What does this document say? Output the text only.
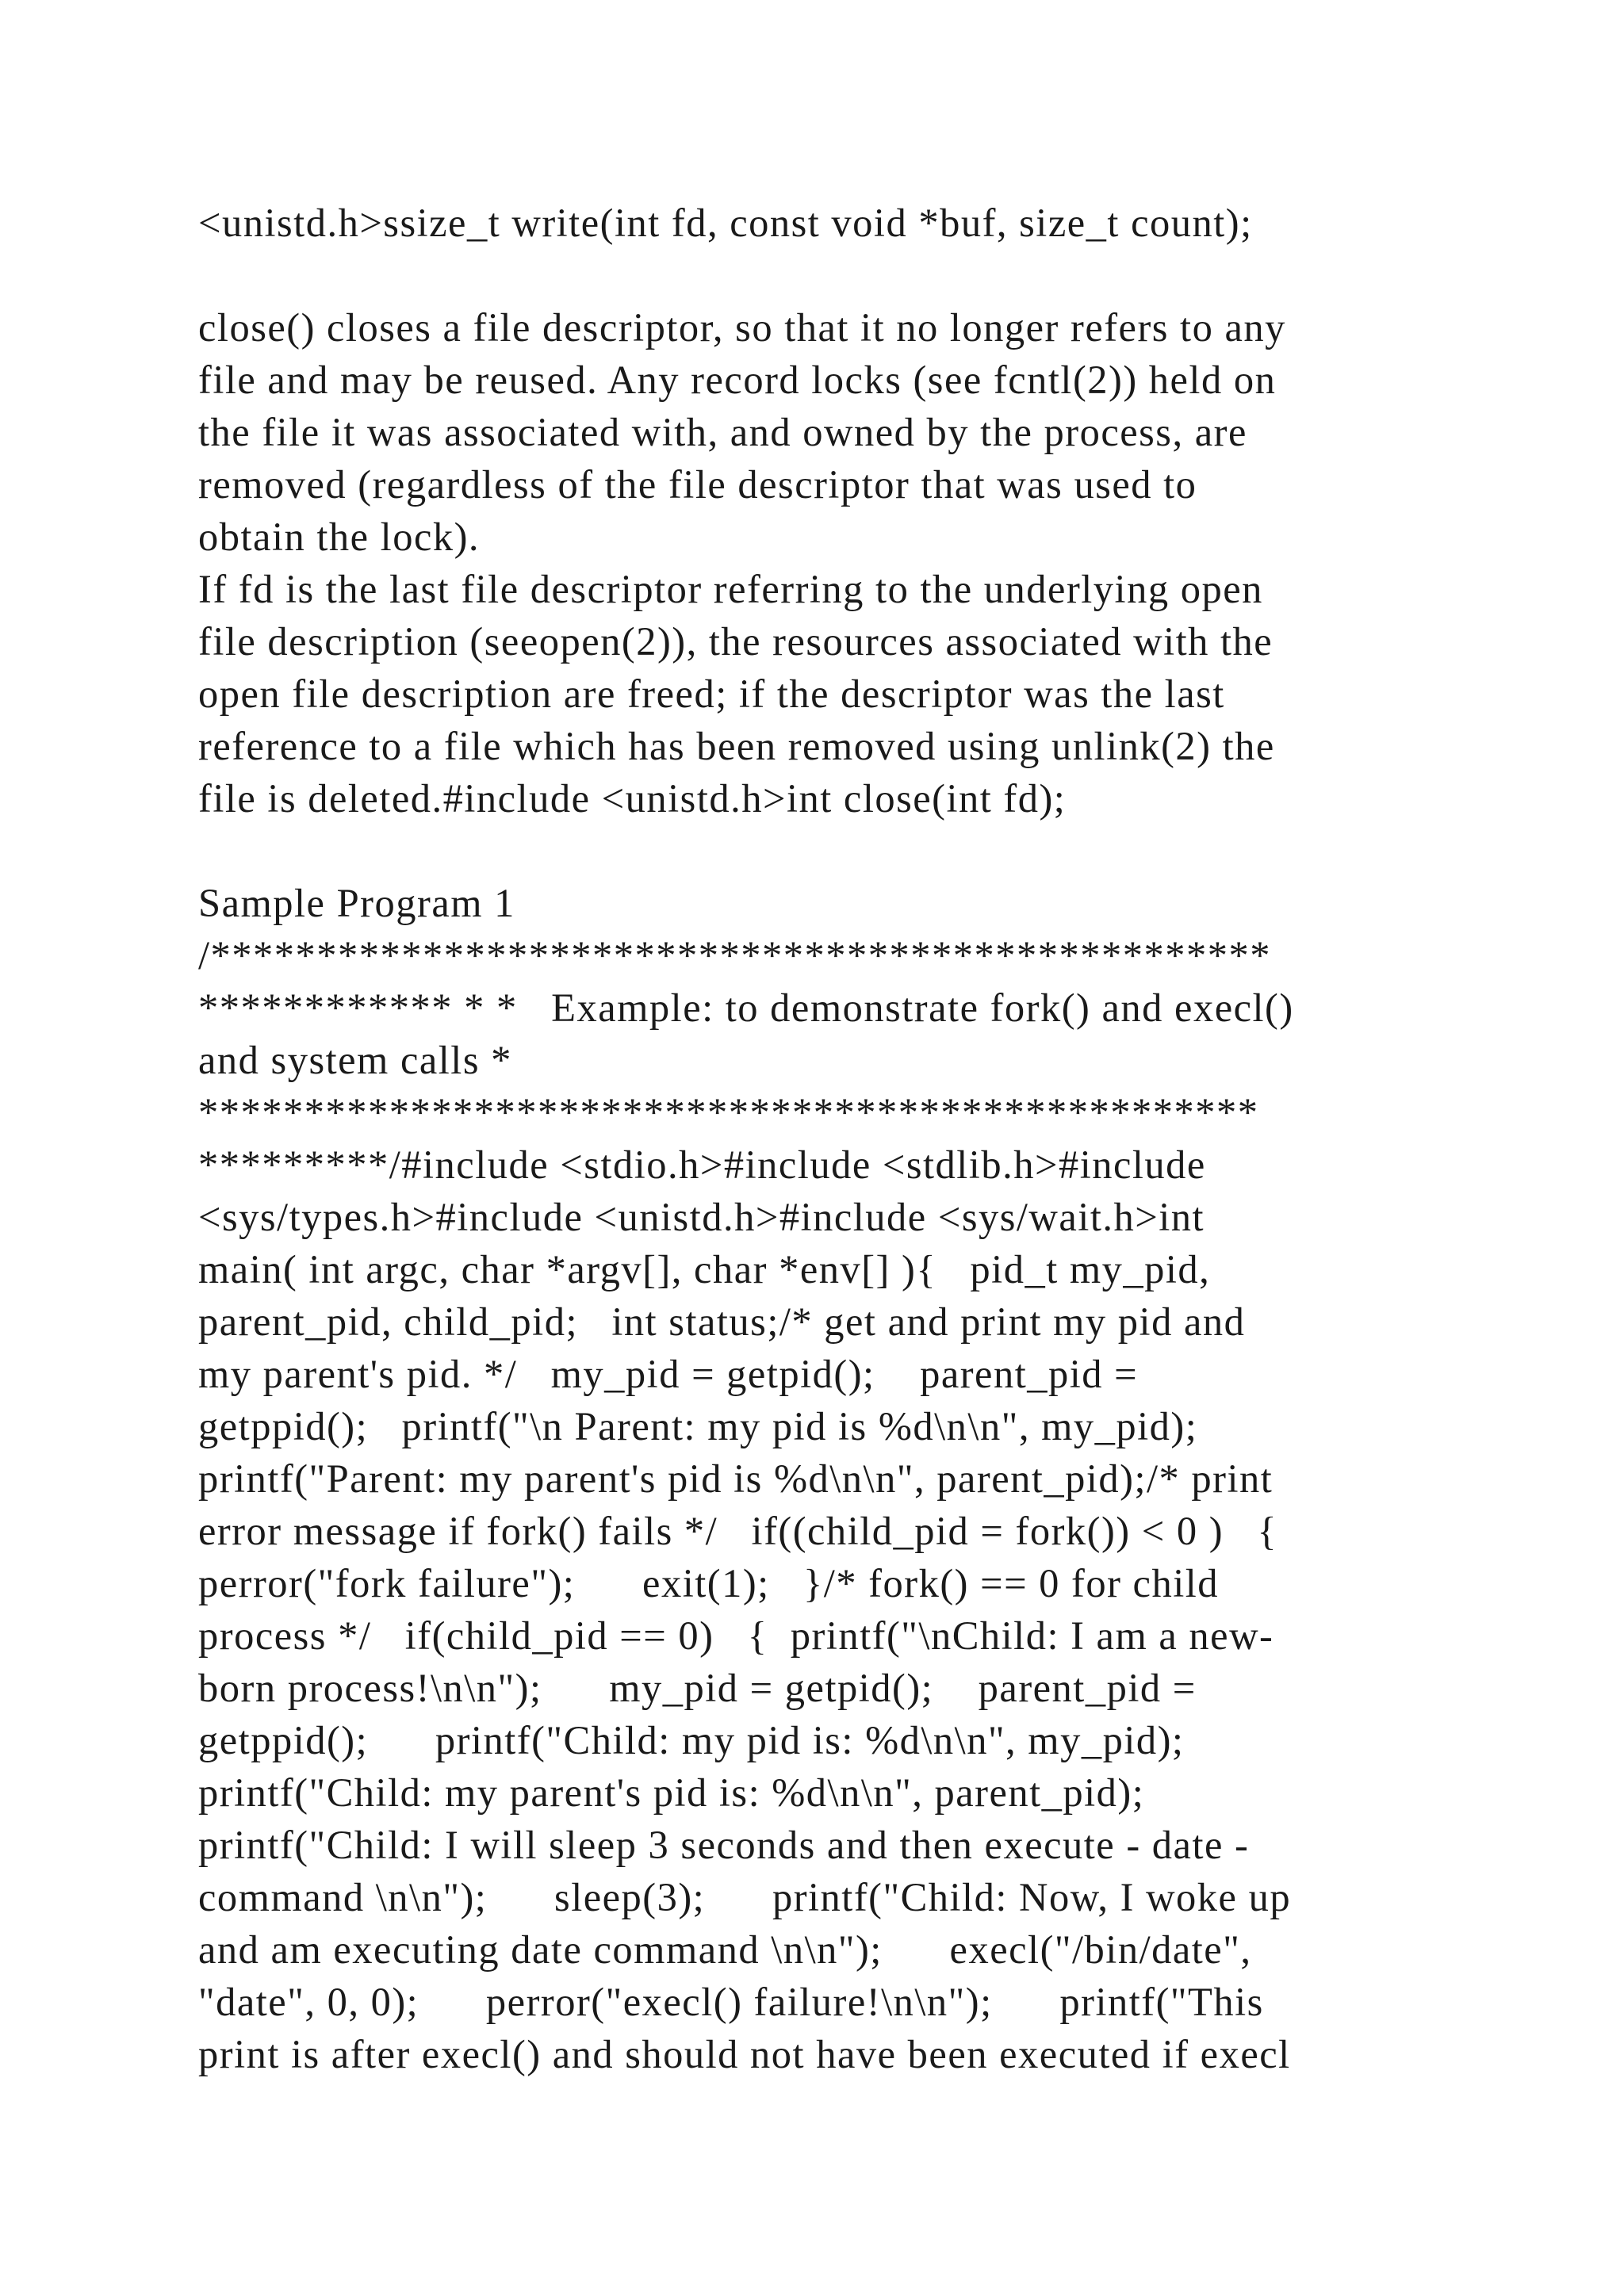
<unistd.h>ssize_t write(int fd, const void *buf, size_t count);
close() closes a file descriptor, so that it no longer refers to any
file and may be reused. Any record locks (see fcntl(2)) held on
the file it was associated with, and owned by the process, are
removed (regardless of the file descriptor that was used to
obtain the lock).
If fd is the last file descriptor referring to the underlying open
file description (seeopen(2)), the resources associated with the
open file description are freed; if the descriptor was the last
reference to a file which has been removed using unlink(2) the
file is deleted.#include <unistd.h>int close(int fd);
Sample Program 1
/**************************************************
************ * *   Example: to demonstrate fork() and execl()
and system calls *
**************************************************
*********/#include <stdio.h>#include <stdlib.h>#include
<sys/types.h>#include <unistd.h>#include <sys/wait.h>int
main( int argc, char *argv[], char *env[] ){   pid_t my_pid,
parent_pid, child_pid;   int status;/* get and print my pid and
my parent's pid. */   my_pid = getpid();    parent_pid =
getppid();   printf("\n Parent: my pid is %d\n\n", my_pid);
printf("Parent: my parent's pid is %d\n\n", parent_pid);/* print
error message if fork() fails */   if((child_pid = fork()) < 0 )   {
perror("fork failure");      exit(1);   }/* fork() == 0 for child
process */   if(child_pid == 0)   {  printf("\nChild: I am a new-
born process!\n\n");      my_pid = getpid();    parent_pid =
getppid();      printf("Child: my pid is: %d\n\n", my_pid);
printf("Child: my parent's pid is: %d\n\n", parent_pid);
printf("Child: I will sleep 3 seconds and then execute - date -
command \n\n");      sleep(3);      printf("Child: Now, I woke up
and am executing date command \n\n");      execl("/bin/date",
"date", 0, 0);      perror("execl() failure!\n\n");      printf("This
print is after execl() and should not have been executed if execl
